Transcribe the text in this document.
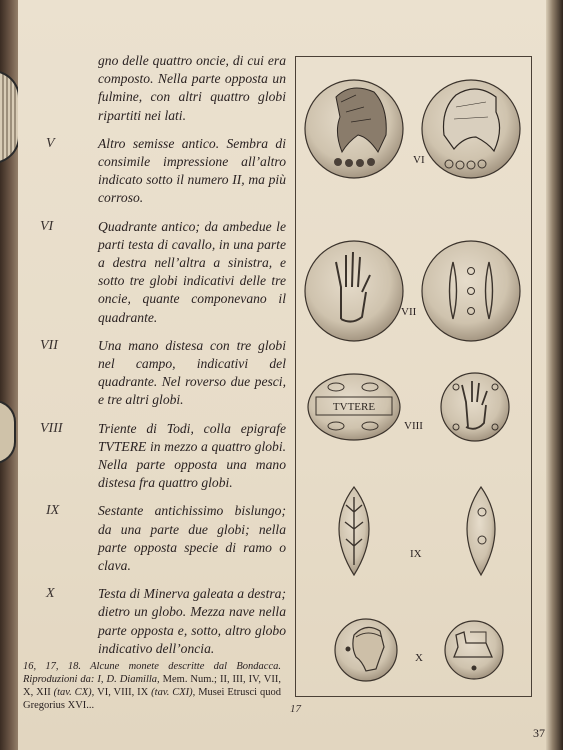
gno delle quattro oncie, di cui era composto. Nella parte opposta un fulmine, con altri quattro globi ripartiti nei lati.
V	Altro semisse antico. Sembra di consimile impressione all’altro indicato sotto il numero II, ma più corroso.
VI	Quadrante antico; da ambedue le parti testa di cavallo, in una parte a destra nell’altra a sinistra, e sotto tre globi indicativi delle tre oncie, quante componevano il quadrante.
VII	Una mano distesa con tre globi nel campo, indicativi del quadrante. Nel roverso due pesci, e tre altri globi.
VIII	Triente di Todi, colla epigrafe TVTERE in mezzo a quattro globi. Nella parte opposta una mano distesa fra quattro globi.
IX	Sestante antichissimo bislungo; da una parte due globi; nella parte opposta specie di ramo o clava.
X	Testa di Minerva galeata a destra; dietro un globo. Mezza nave nella parte opposta e, sotto, altro globo indicativo dell’oncia.
16, 17, 18. Alcune monete descritte dal Bondacca. Riproduzioni da: I, D. Diamilla, Mem. Num.; II, III, IV, VII, X, XII (tav. CX), VI, VIII, IX (tav. CXI), Musei Etrusci quod Gregorius XVI...	17
37
VI
VII
TVTERE
VIII
IX
X
